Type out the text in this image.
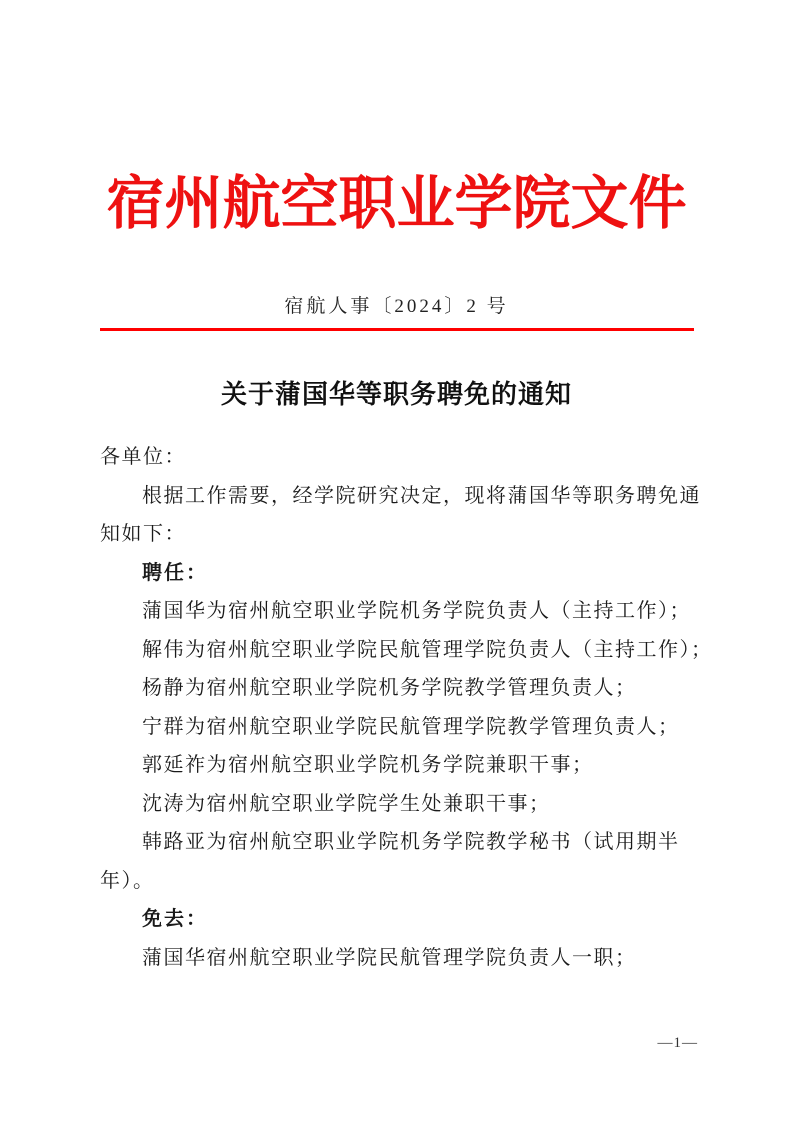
宿州航空职业学院文件
宿航人事〔2024〕2 号
关于蒲国华等职务聘免的通知
各单位：
根据工作需要，经学院研究决定，现将蒲国华等职务聘免通
知如下：
聘任：
蒲国华为宿州航空职业学院机务学院负责人（主持工作）；
解伟为宿州航空职业学院民航管理学院负责人（主持工作）；
杨静为宿州航空职业学院机务学院教学管理负责人；
宁群为宿州航空职业学院民航管理学院教学管理负责人；
郭延祚为宿州航空职业学院机务学院兼职干事；
沈涛为宿州航空职业学院学生处兼职干事；
韩路亚为宿州航空职业学院机务学院教学秘书（试用期半
年）。
免去：
蒲国华宿州航空职业学院民航管理学院负责人一职；
—1—
